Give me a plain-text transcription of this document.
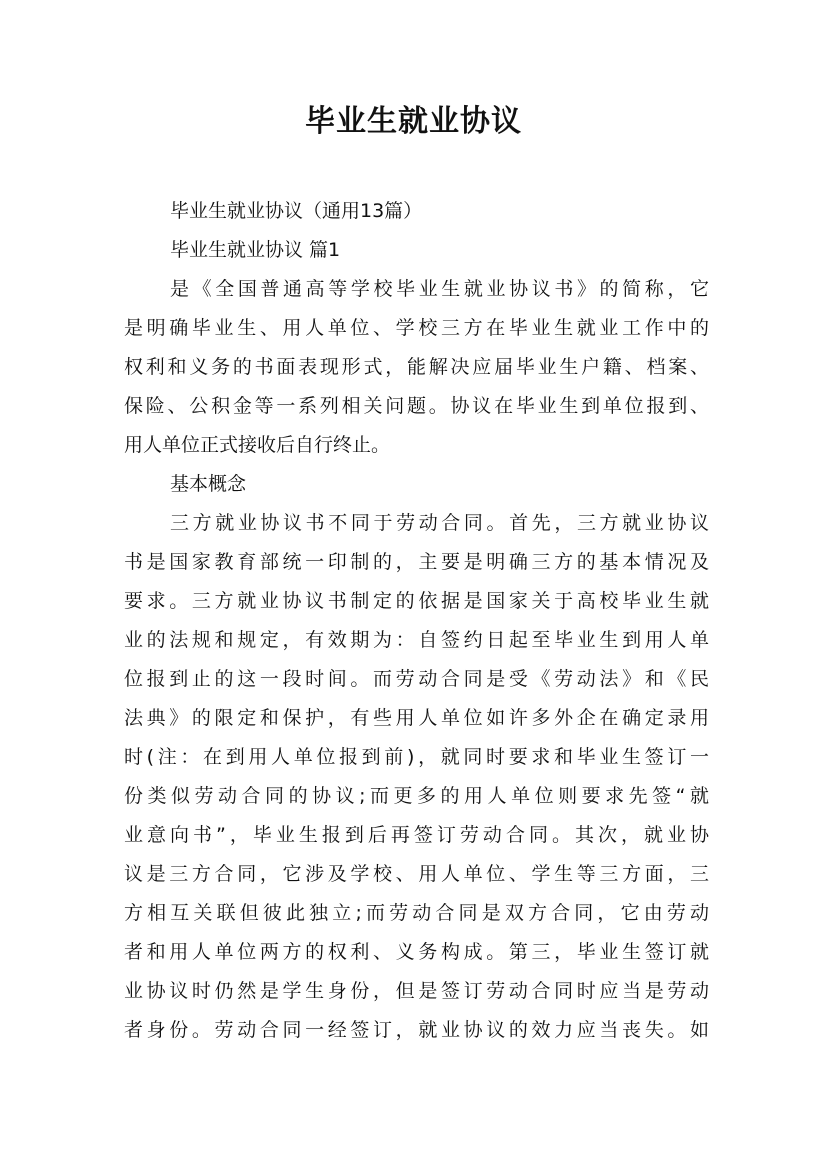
毕业生就业协议
毕业生就业协议（通用13篇）
毕业生就业协议 篇1
是《全国普通高等学校毕业生就业协议书》的简称，它
是明确毕业生、用人单位、学校三方在毕业生就业工作中的
权利和义务的书面表现形式，能解决应届毕业生户籍、档案、
保险、公积金等一系列相关问题。协议在毕业生到单位报到、
用人单位正式接收后自行终止。
基本概念
三方就业协议书不同于劳动合同。首先，三方就业协议
书是国家教育部统一印制的，主要是明确三方的基本情况及
要求。三方就业协议书制定的依据是国家关于高校毕业生就
业的法规和规定，有效期为：自签约日起至毕业生到用人单
位报到止的这一段时间。而劳动合同是受《劳动法》和《民
法典》的限定和保护，有些用人单位如许多外企在确定录用
时(注：在到用人单位报到前)，就同时要求和毕业生签订一
份类似劳动合同的协议;而更多的用人单位则要求先签“就
业意向书”，毕业生报到后再签订劳动合同。其次，就业协
议是三方合同，它涉及学校、用人单位、学生等三方面，三
方相互关联但彼此独立;而劳动合同是双方合同，它由劳动
者和用人单位两方的权利、义务构成。第三，毕业生签订就
业协议时仍然是学生身份，但是签订劳动合同时应当是劳动
者身份。劳动合同一经签订，就业协议的效力应当丧失。如
